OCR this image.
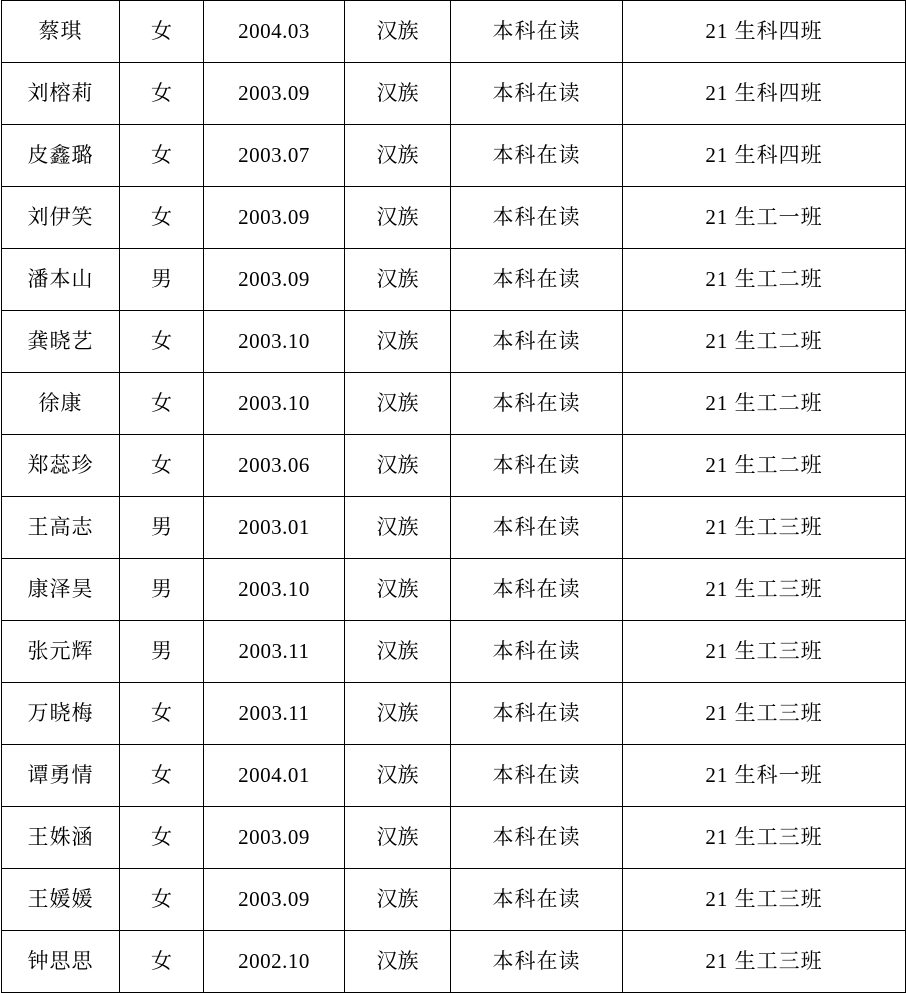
蔡琪	女	2004.03	汉族	本科在读	21 生科四班
刘榕莉	女	2003.09	汉族	本科在读	21 生科四班
皮鑫璐	女	2003.07	汉族	本科在读	21 生科四班
刘伊笑	女	2003.09	汉族	本科在读	21 生工一班
潘本山	男	2003.09	汉族	本科在读	21 生工二班
龚晓艺	女	2003.10	汉族	本科在读	21 生工二班
徐康	女	2003.10	汉族	本科在读	21 生工二班
郑蕊珍	女	2003.06	汉族	本科在读	21 生工二班
王高志	男	2003.01	汉族	本科在读	21 生工三班
康泽昊	男	2003.10	汉族	本科在读	21 生工三班
张元辉	男	2003.11	汉族	本科在读	21 生工三班
万晓梅	女	2003.11	汉族	本科在读	21 生工三班
谭勇情	女	2004.01	汉族	本科在读	21 生科一班
王姝涵	女	2003.09	汉族	本科在读	21 生工三班
王媛媛	女	2003.09	汉族	本科在读	21 生工三班
钟思思	女	2002.10	汉族	本科在读	21 生工三班
